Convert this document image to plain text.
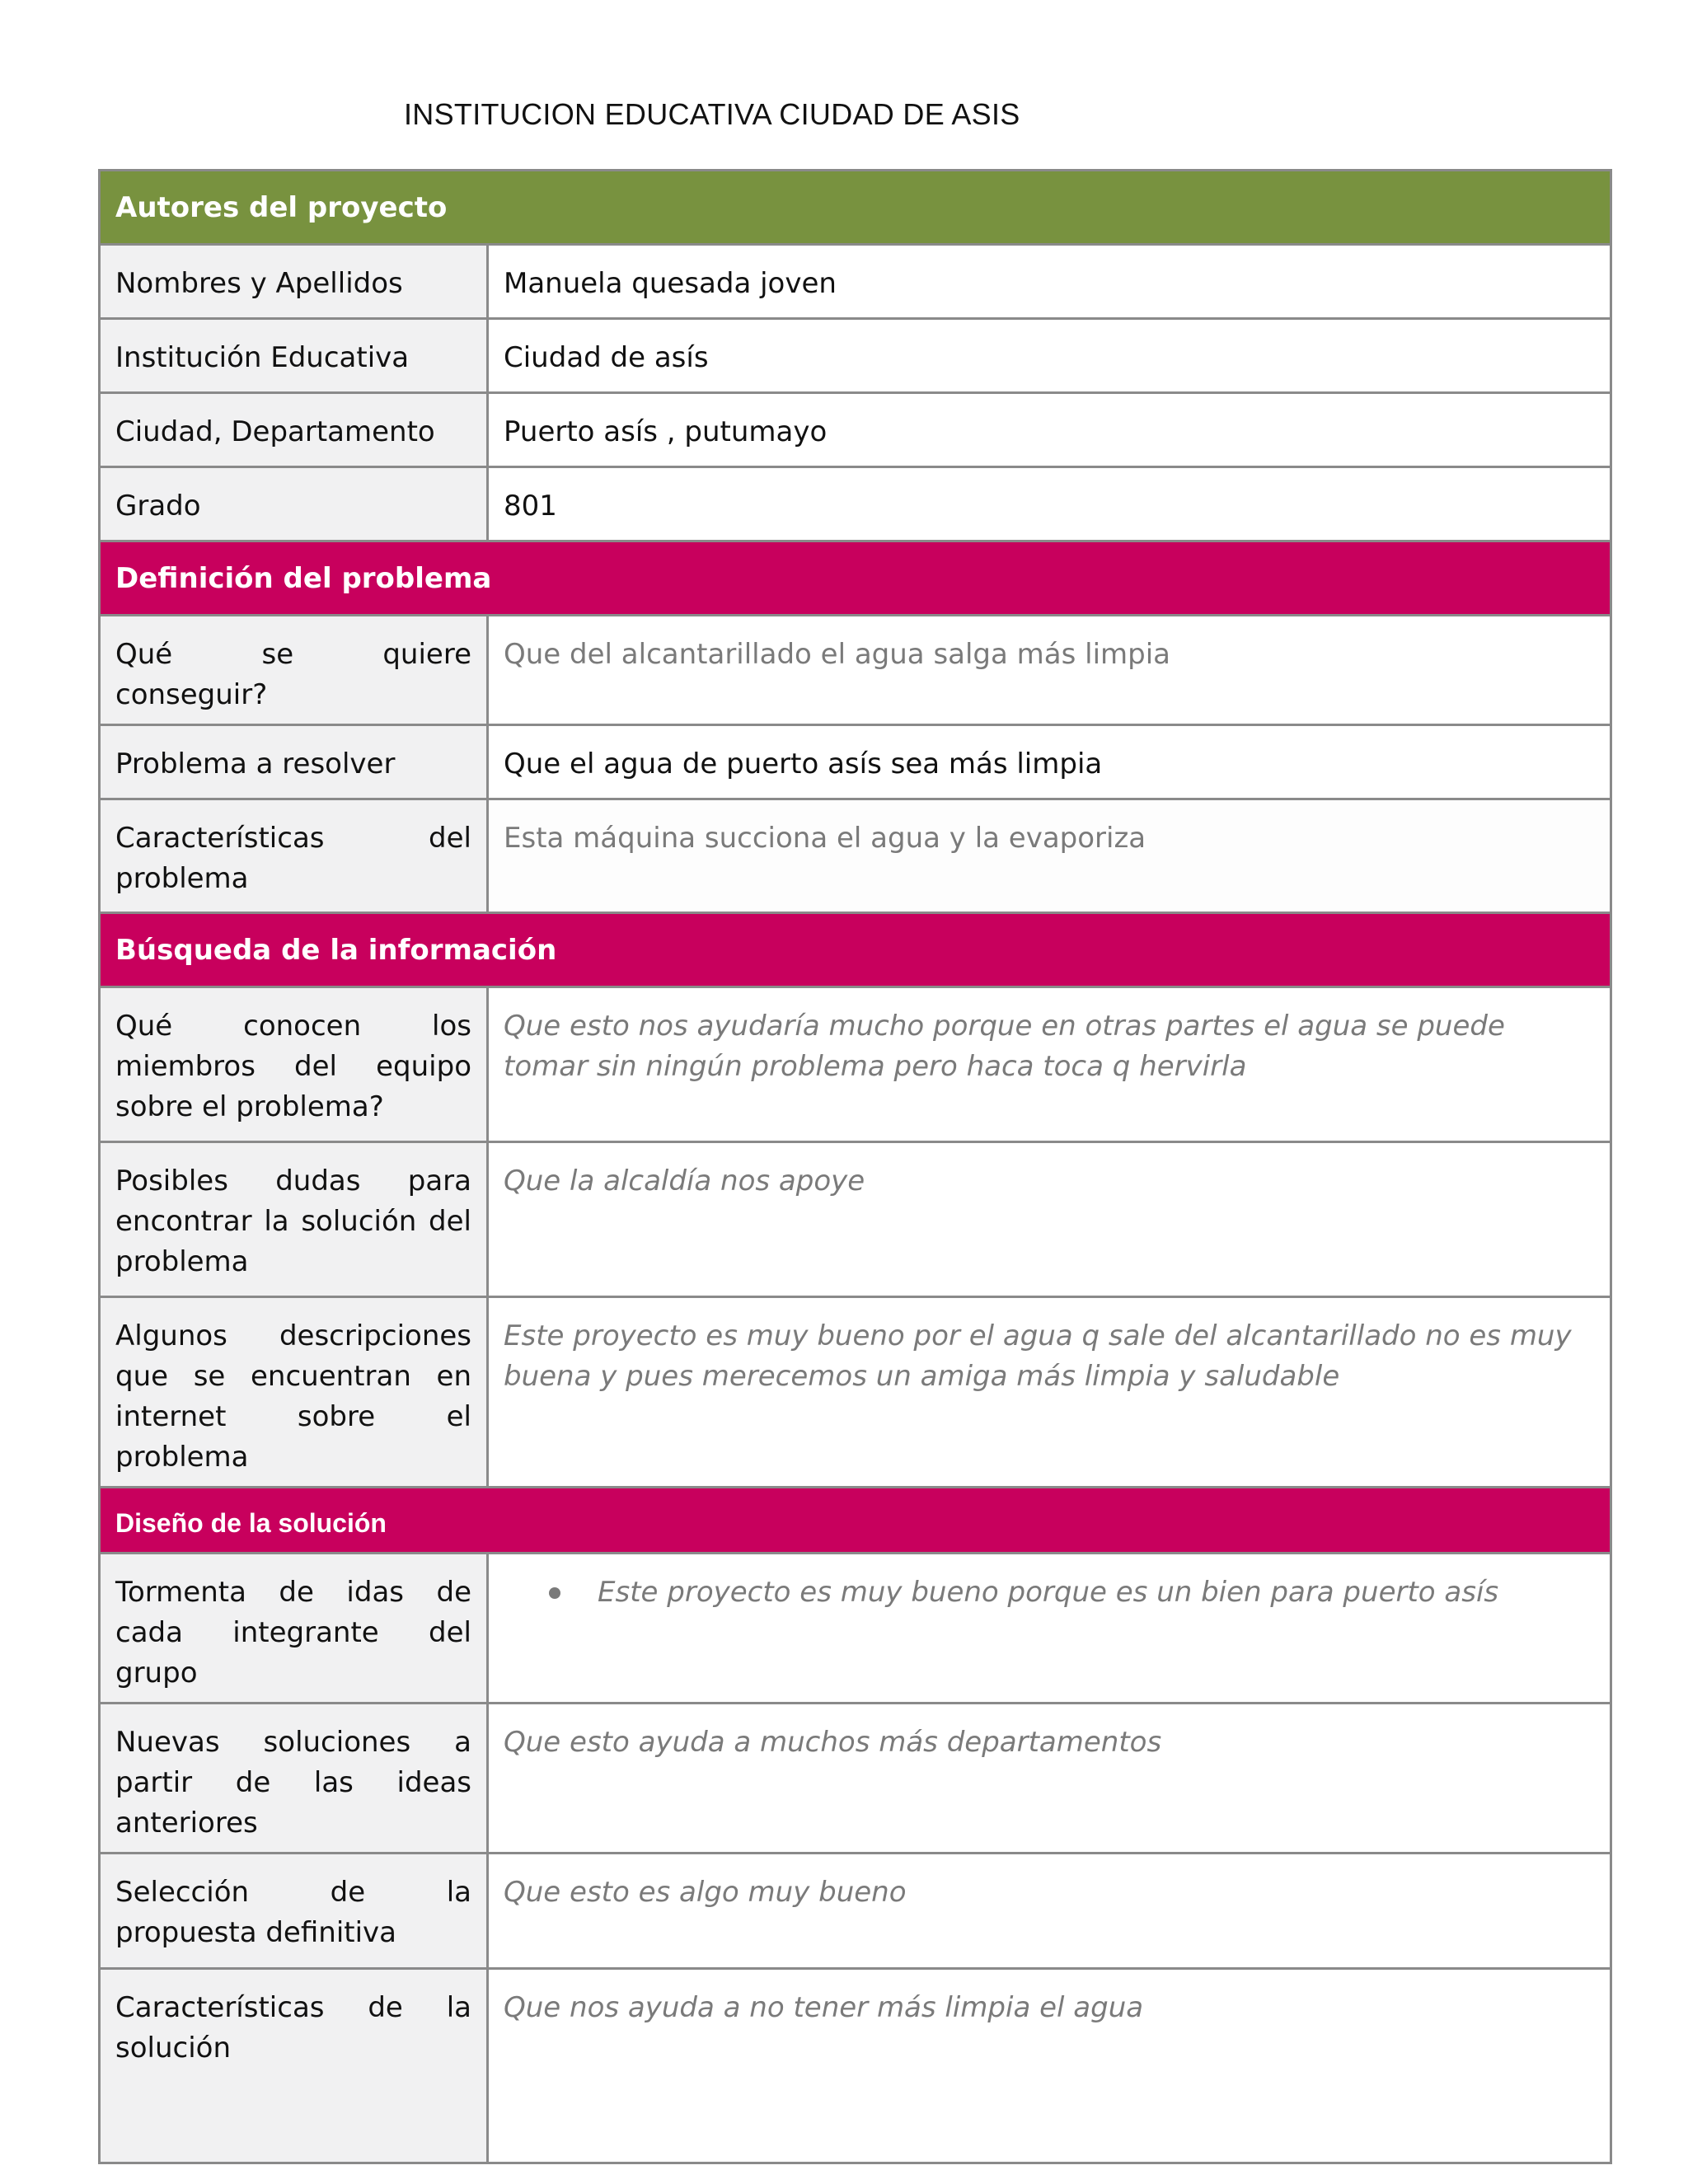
INSTITUCION EDUCATIVA CIUDAD DE ASIS
Autores del proyecto	
Nombres y Apellidos	Manuela quesada joven
Institución Educativa	Ciudad de asís
Ciudad, Departamento	Puerto asís , putumayo
Grado	801
Definición del problema	
Qué se quiere conseguir?	Que del alcantarillado el agua salga más limpia
Problema a resolver	Que el agua de puerto asís sea más limpia
Características del problema	Esta máquina succiona el agua y la evaporiza
Búsqueda de la información	
Qué conocen los miembros del equipo sobre el problema?	Que esto nos ayudaría mucho porque en otras partes el agua se puede tomar sin ningún problema pero haca toca q hervirla
Posibles dudas para encontrar la solución del problema	Que la alcaldía nos apoye
Algunos descripciones que se encuentran en internet sobre el problema	Este proyecto es muy bueno por el agua q sale del alcantarillado no es muy buena y pues merecemos un amiga más limpia y saludable
Diseño de la solución	
Tormenta de idas de cada integrante del grupo	Este proyecto es muy bueno porque es un bien para puerto asís

Nuevas soluciones a partir de las ideas anteriores	Que esto ayuda a muchos más departamentos
Selección de la propuesta definitiva	Que esto es algo muy bueno
Características de la solución	Que nos ayuda a no tener más limpia el agua
